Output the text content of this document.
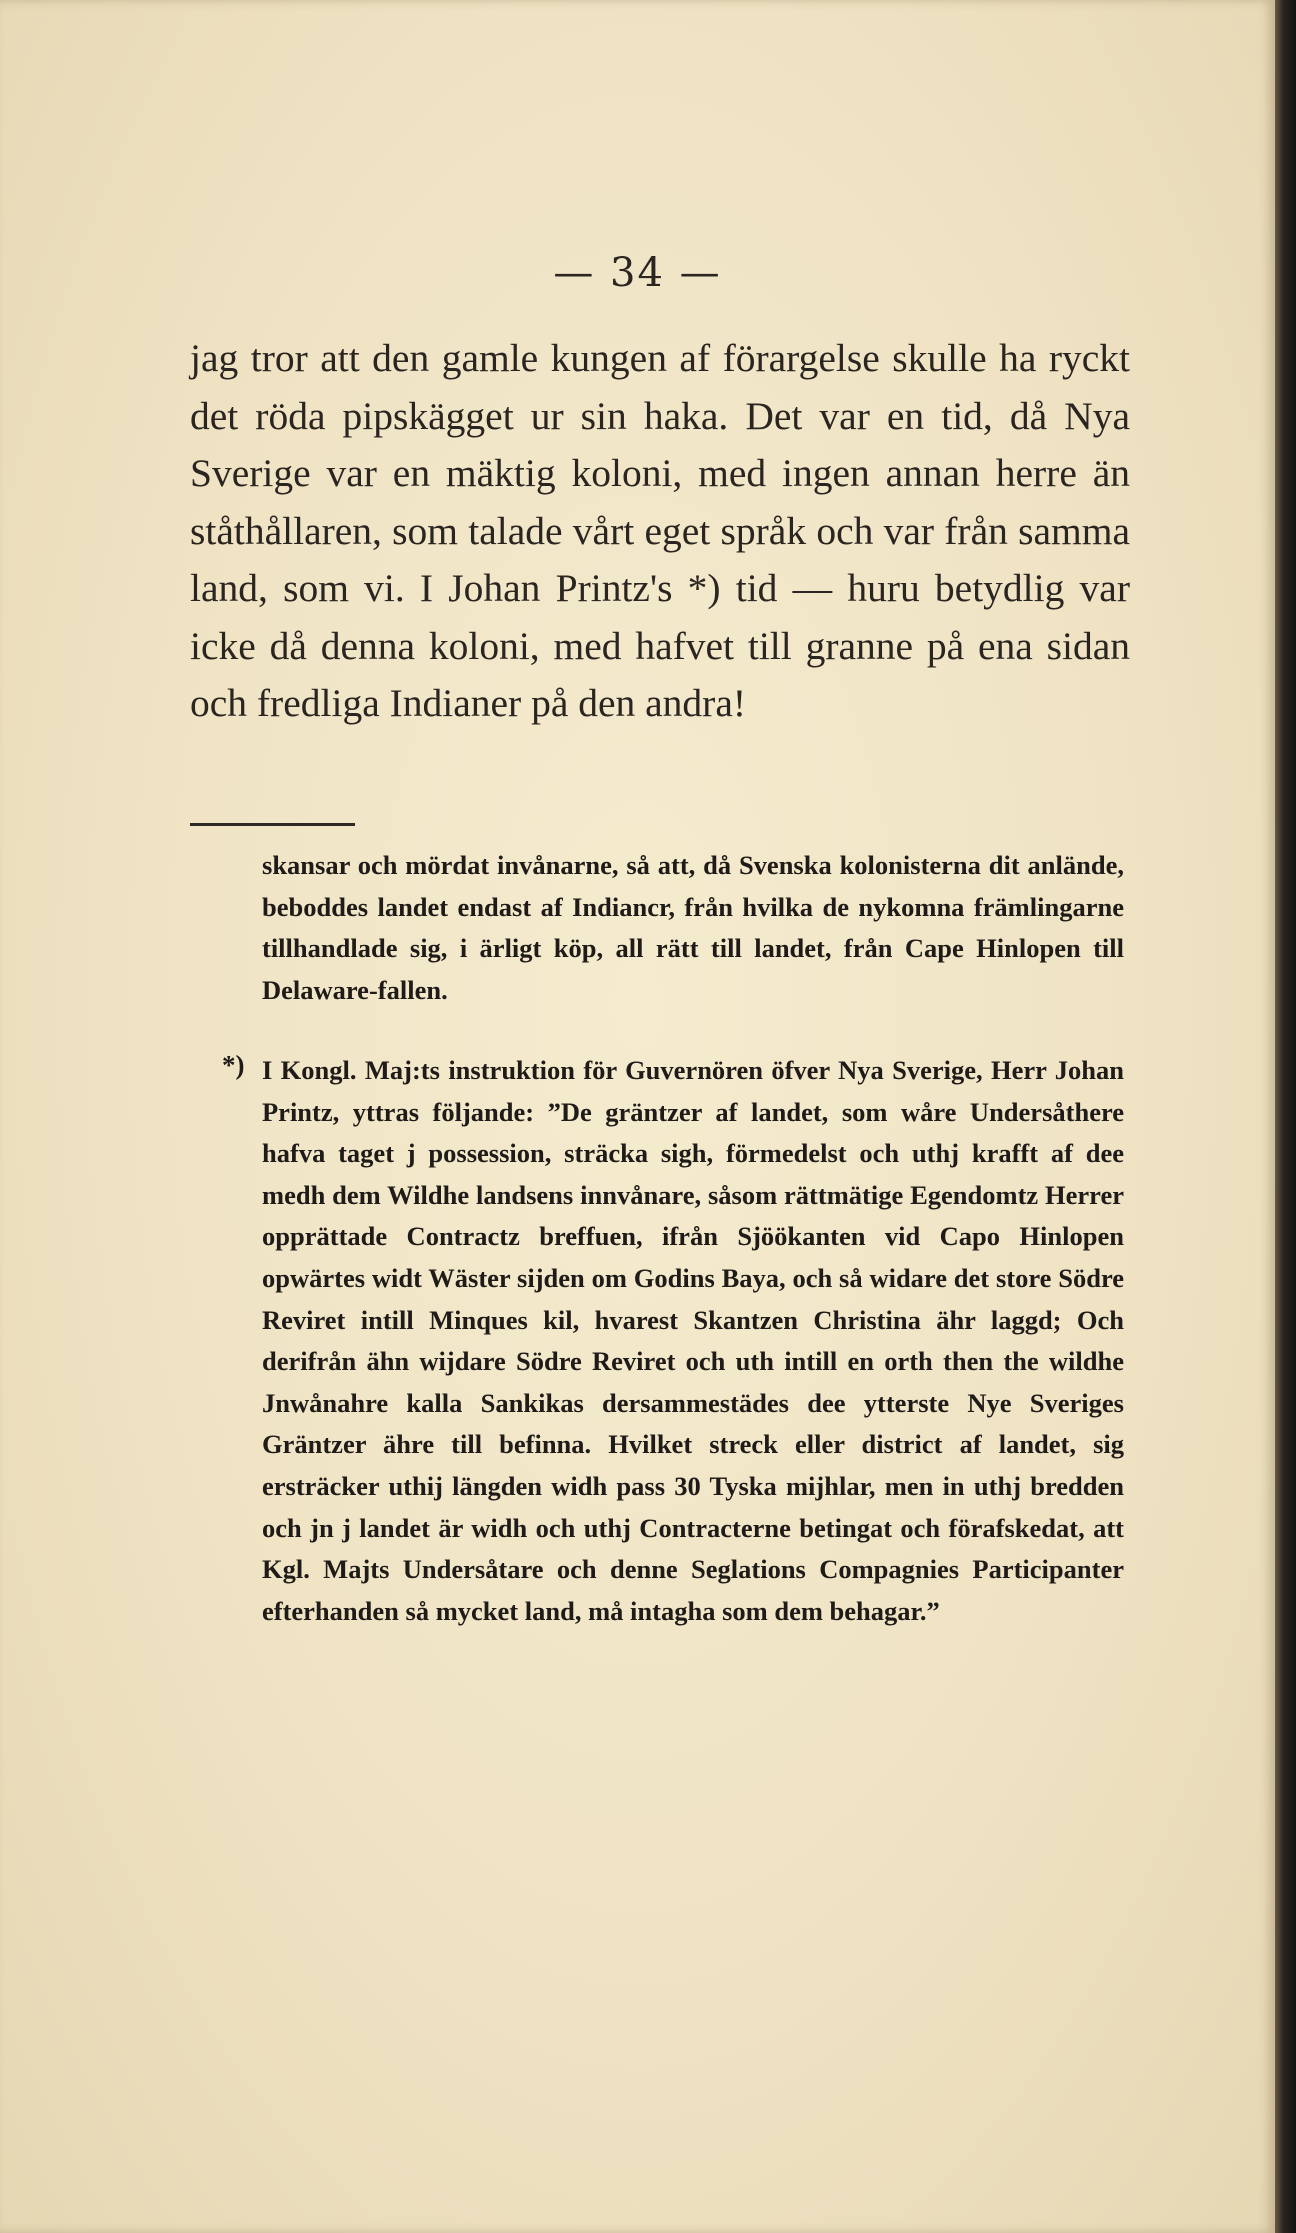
— 34 —

jag tror att den gamle kungen af förargelse skulle ha ryckt det röda pipskägget ur sin haka. Det var en tid, då Nya Sverige var en mäktig koloni, med ingen annan herre än ståthållaren, som talade vårt eget språk och var från samma land, som vi. I Johan Printz's *) tid — huru betydlig var icke då denna koloni, med hafvet till granne på ena sidan och fredliga Indianer på den andra!

skansar och mördat invånarne, så att, då Svenska kolonisterna dit anlände, beboddes landet endast af Indiancr, från hvilka de nykomna främlingarne tillhandlade sig, i ärligt köp, all rätt till landet, från Cape Hinlopen till Delaware-fallen.

*) I Kongl. Maj:ts instruktion för Guvernören öfver Nya Sverige, Herr Johan Printz, yttras följande: ”De gräntzer af landet, som wåre Undersåthere hafva taget j possession, sträcka sigh, förmedelst och uthj krafft af dee medh dem Wildhe landsens innvånare, såsom rättmätige Egendomtz Herrer opprättade Contractz breffuen, ifrån Sjöökanten vid Capo Hinlopen opwärtes widt Wäster sijden om Godins Baya, och så widare det store Södre Reviret intill Minques kil, hvarest Skantzen Christina ähr laggd; Och derifrån ähn wijdare Södre Reviret och uth intill en orth then the wildhe Jnwånahre kalla Sankikas dersammestädes dee ytterste Nye Sveriges Gräntzer ähre till befinna. Hvilket streck eller district af landet, sig ersträcker uthij längden widh pass 30 Tyska mijhlar, men in uthj bredden och jn j landet är widh och uthj Contracterne betingat och förafskedat, att Kgl. Majts Undersåtare och denne Seglations Compagnies Participanter efterhanden så mycket land, må intagha som dem behagar.”
